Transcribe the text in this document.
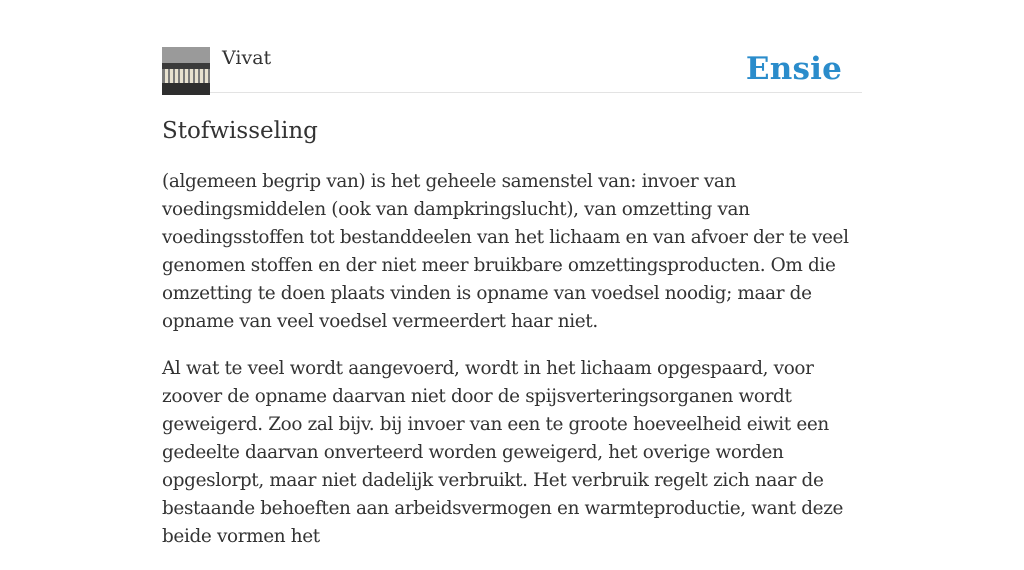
Vivat	Ensie
Stofwisseling

(algemeen begrip van) is het geheele samenstel van: invoer van voedingsmiddelen (ook van dampkringslucht), van omzetting van voedingsstoffen tot bestanddeelen van het lichaam en van afvoer der te veel genomen stoffen en der niet meer bruikbare omzettingsproducten. Om die omzetting te doen plaats vinden is opname van voedsel noodig; maar de opname van veel voedsel vermeerdert haar niet.

Al wat te veel wordt aangevoerd, wordt in het lichaam opgespaard, voor zoover de opname daarvan niet door de spijsverteringsorganen wordt geweigerd. Zoo zal bijv. bij invoer van een te groote hoeveelheid eiwit een gedeelte daarvan onverteerd worden geweigerd, het overige worden opgeslorpt, maar niet dadelijk verbruikt. Het verbruik regelt zich naar de bestaande behoeften aan arbeidsvermogen en warmteproductie, want deze beide vormen het
